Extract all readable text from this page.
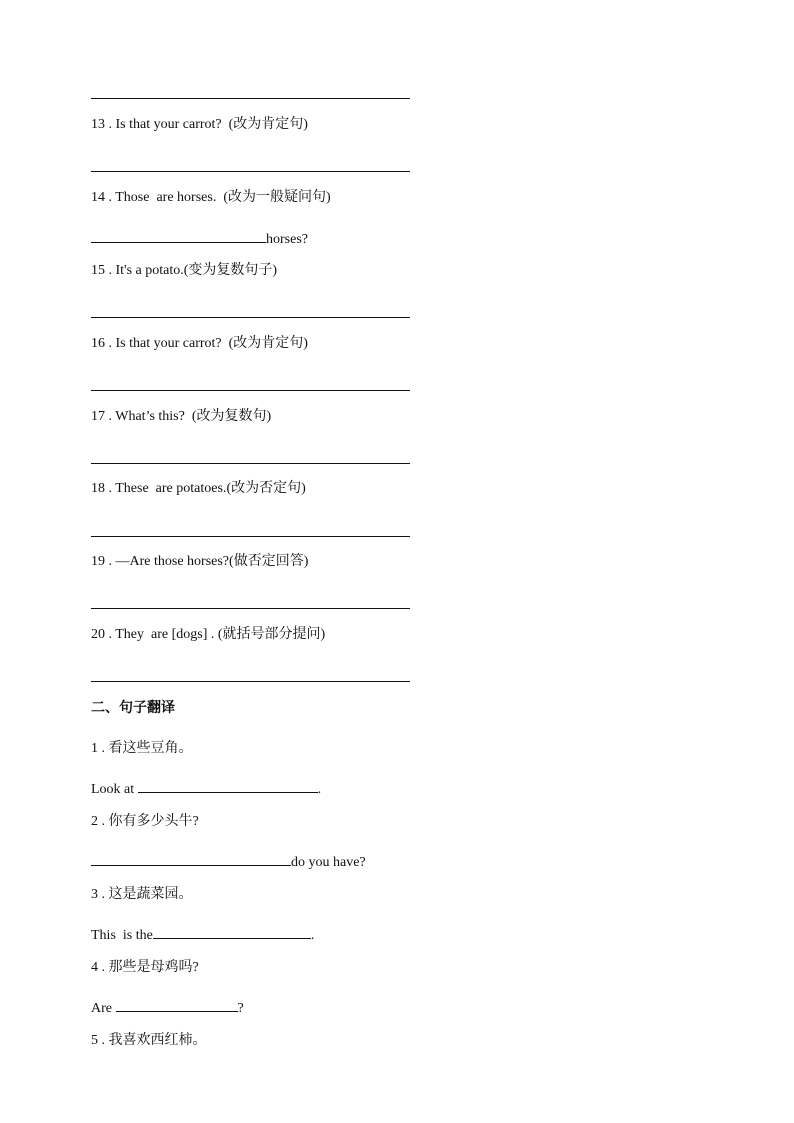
13 . Is that your carrot? (改为肯定句)
14 . Those  are horses. (改为一般疑问句)
horses?
15 . It's a potato.(变为复数句子)
16 . Is that your carrot? (改为肯定句)
17 . What’s this? (改为复数句)
18 . These  are potatoes.(改为否定句)
19 . —Are those horses?(做否定回答)
20 . They  are [dogs] . (就括号部分提问)
二、句子翻译
1 . 看这些豆角。
Look at	.
2 . 你有多少头牛?
do you have?
3 . 这是蔬菜园。
This  is the	.
4 . 那些是母鸡吗?
Are	?
5 . 我喜欢西红柿。
